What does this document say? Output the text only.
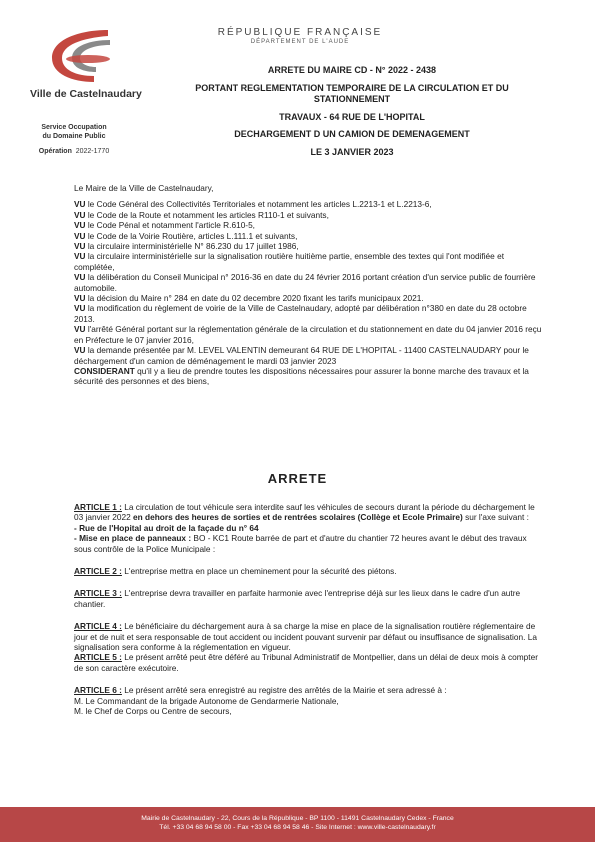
Ville de Castelnaudary
Service Occupation
du Domaine Public
Opération 2022-1770
RÉPUBLIQUE FRANÇAISE
DÉPARTEMENT DE L'AUDE
ARRETE DU MAIRE CD - N° 2022 - 2438
PORTANT REGLEMENTATION TEMPORAIRE DE LA CIRCULATION ET DU
STATIONNEMENT
TRAVAUX - 64 RUE DE L'HOPITAL
DECHARGEMENT D UN CAMION DE DEMENAGEMENT
LE 3 JANVIER 2023

Le Maire de la Ville de Castelnaudary,

VU le Code Général des Collectivités Territoriales et notamment les articles L.2213-1 et L.2213-6,

VU le Code de la Route et notamment les articles R110-1 et suivants,

VU le Code Pénal et notamment l'article R.610-5,

VU le Code de la Voirie Routière, articles L.111.1 et suivants,

VU la circulaire interministérielle N° 86.230 du 17 juillet 1986,

VU la circulaire interministérielle sur la signalisation routière huitième partie, ensemble des textes qui l'ont modifiée et complétée,

VU la délibération du Conseil Municipal n° 2016-36 en date du 24 février 2016 portant création d'un service public de fourrière automobile.

VU la décision du Maire n° 284 en date du 02 decembre 2020 fixant les tarifs municipaux 2021.

VU la modification du règlement de voirie de la Ville de Castelnaudary, adopté par délibération n°380 en date du 28 octobre 2013.

VU l'arrêté Général portant sur la réglementation générale de la circulation et du stationnement en date du 04 janvier 2016 reçu en Préfecture le 07 janvier 2016,

VU la demande présentée par M. LEVEL VALENTIN demeurant 64 RUE DE L'HOPITAL - 11400 CASTELNAUDARY pour le déchargement d'un camion de déménagement le mardi 03 janvier 2023

CONSIDERANT qu'il y a lieu de prendre toutes les dispositions nécessaires pour assurer la bonne marche des travaux et la sécurité des personnes et des biens,

ARRETE

ARTICLE 1 : La circulation de tout véhicule sera interdite sauf les véhicules de secours durant la période du déchargement le 03 janvier 2022 en dehors des heures de sorties et de rentrées scolaires (Collège et Ecole Primaire) sur l'axe suivant :

- Rue de l'Hopital au droit de la façade du n° 64

- Mise en place de panneaux : BO - KC1 Route barrée de part et d'autre du chantier 72 heures avant le début des travaux sous contrôle de la Police Municipale :

ARTICLE 2 : L'entreprise mettra en place un cheminement pour la sécurité des piétons.

ARTICLE 3 : L'entreprise devra travailler en parfaite harmonie avec l'entreprise déjà sur les lieux dans le cadre d'un autre chantier.

ARTICLE 4 : Le bénéficiaire du déchargement aura à sa charge la mise en place de la signalisation routière réglementaire de jour et de nuit et sera responsable de tout accident ou incident pouvant survenir par défaut ou insuffisance de signalisation. La signalisation sera conforme à la réglementation en vigueur.

ARTICLE 5 : Le présent arrêté peut être déféré au Tribunal Administratif de Montpellier, dans un délai de deux mois à compter de son caractère exécutoire.

ARTICLE 6 : Le présent arrêté sera enregistré au registre des arrêtés de la Mairie et sera adressé à :

M. Le Commandant de la brigade Autonome de Gendarmerie Nationale,

M. le Chef de Corps ou Centre de secours,

Mairie de Castelnaudary - 22, Cours de la République - BP 1100 - 11491 Castelnaudary Cedex - France
Tél. +33 04 68 94 58 00 - Fax +33 04 68 94 58 46 - Site Internet : www.ville-castelnaudary.fr
